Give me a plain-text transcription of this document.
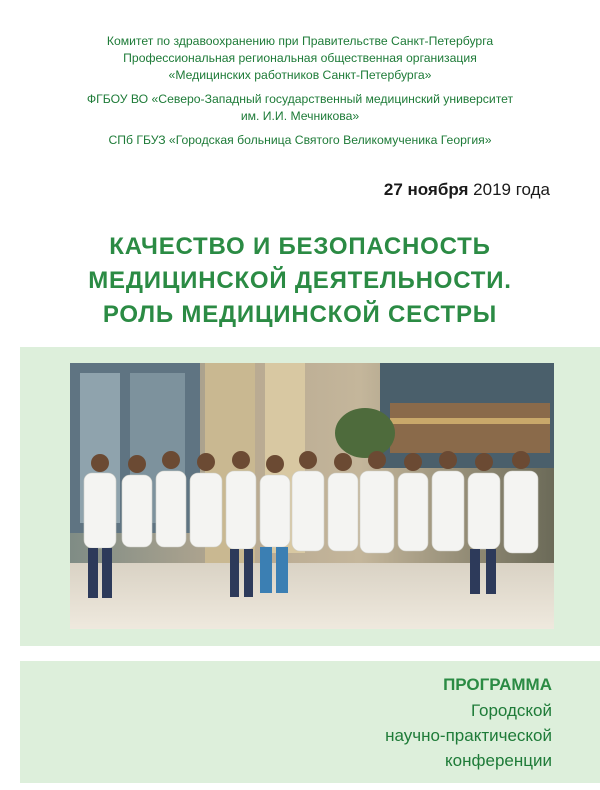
Комитет по здравоохранению при Правительстве Санкт-Петербурга
Профессиональная региональная общественная организация
«Медицинских работников Санкт-Петербурга»

ФГБОУ ВО «Северо-Западный государственный медицинский университет
им. И.И. Мечникова»

СПб ГБУЗ «Городская больница Святого Великомученика Георгия»

27 ноября 2019 года
КАЧЕСТВО И БЕЗОПАСНОСТЬ
МЕДИЦИНСКОЙ ДЕЯТЕЛЬНОСТИ.
РОЛЬ МЕДИЦИНСКОЙ СЕСТРЫ
ПРОГРАММА
Городской
научно-практической
конференции
